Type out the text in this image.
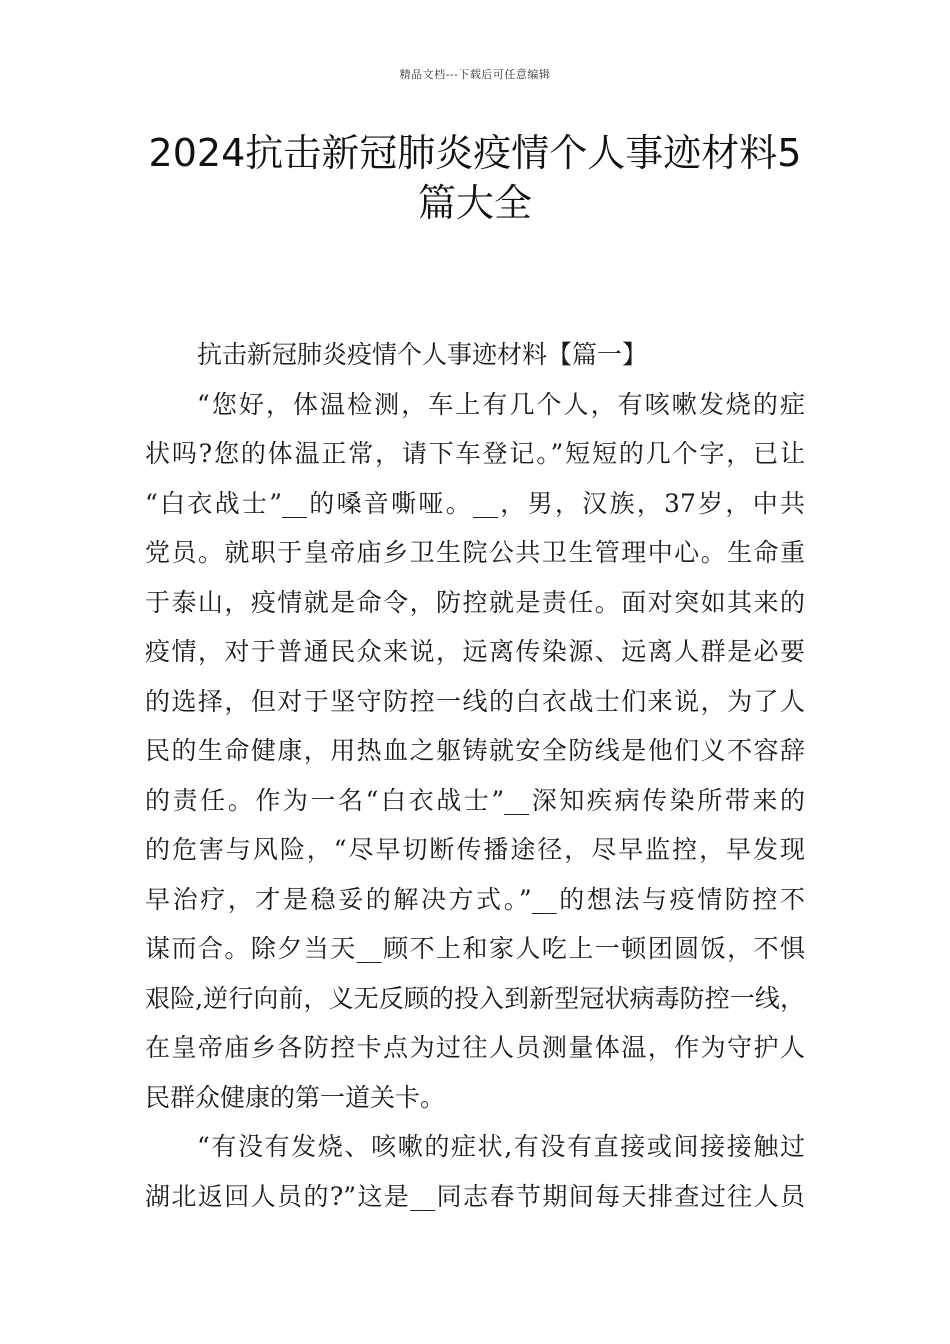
精品文档---下载后可任意编辑
2024抗击新冠肺炎疫情个人事迹材料5
篇大全
抗击新冠肺炎疫情个人事迹材料【篇一】
“您好，体温检测，车上有几个人，有咳嗽发烧的症
状吗?您的体温正常，请下车登记。”短短的几个字，已让
“白衣战士”__的嗓音嘶哑。__，男，汉族，37岁，中共
党员。就职于皇帝庙乡卫生院公共卫生管理中心。生命重
于泰山，疫情就是命令，防控就是责任。面对突如其来的
疫情，对于普通民众来说，远离传染源、远离人群是必要
的选择，但对于坚守防控一线的白衣战士们来说，为了人
民的生命健康，用热血之躯铸就安全防线是他们义不容辞
的责任。作为一名“白衣战士”__深知疾病传染所带来的
的危害与风险，“尽早切断传播途径，尽早监控，早发现
早治疗，才是稳妥的解决方式。”__的想法与疫情防控不
谋而合。除夕当天__顾不上和家人吃上一顿团圆饭，不惧
艰险,逆行向前，义无反顾的投入到新型冠状病毒防控一线，
在皇帝庙乡各防控卡点为过往人员测量体温，作为守护人
民群众健康的第一道关卡。
“有没有发烧、咳嗽的症状,有没有直接或间接接触过
湖北返回人员的?”这是__同志春节期间每天排查过往人员
